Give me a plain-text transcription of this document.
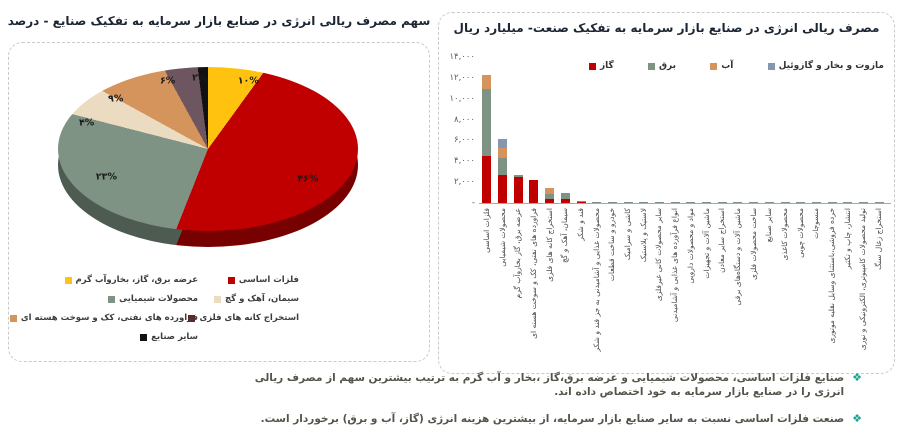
سهم مصرف ریالی انرژی در صنایع بازار سرمایه به تفکیک صنایع - درصد
۱۰%
۴۶%
۲۳%
۴%
۹%
۶% ۲%
فلزات اساسی
عرضه برق، گاز، بخاروآب گرم
سیمان، آهک و گچ
محصولات شیمیایی
استخراج کانه های فلزی
فراورده های نفتی، کک و سوخت هسته ای
سایر صنایع
مصرف ریالی انرژی در صنایع بازار سرمایه به تفکیک صنعت- میلیارد ریال
گاز	برق	آب	مازوت و بخار و گازوئیل
-
۲,۰۰۰
۴,۰۰۰
۶,۰۰۰
۸,۰۰۰
۱۰,۰۰۰
۱۲,۰۰۰
۱۴,۰۰۰
فلزات اساسی محصولات شیمیایی عرضه برق، گاز بخاروآب گرم فراورده های نفتی، کک و سوخت هسته ای استخراج کانه های فلزی سیمان، آهک و گچ قند و شکر محصولات غذایی و آشامیدنی به جز قند و شکر خودرو و ساخت قطعات کاشی و سرامیک لاستیک و پلاستیک سایر محصولات کانی غیرفلزی انواع فرآورده های غذایی و آشامیدنی مواد و محصولات دارویی ماشین آلات و تجهیزات استخراج سایر معادن ماشین آلات و دستگاه‌های برقی ساخت محصولات فلزی سایر صنایع محصولات کاغذی محصولات چوبی منسوجات خرده فروشی،باستثنای وسایل نقلیه موتوری انتشار، چاپ و تکثیر تولید محصولات کامپیوتری، الکترونیکی و نوری استخراج زغال سنگ
❖
صنایع فلزات اساسی، محصولات شیمیایی و عرضه برق،گاز ،بخار و آب گرم به ترتیب بیشترین سهم از مصرف ریالی انرژی را در صنایع بازار سرمایه به خود اختصاص داده اند.
❖
صنعت فلزات اساسی نسبت به سایر صنایع بازار سرمایه، از بیشترین هزینه انرژی (گاز، آب و برق) برخوردار است.
